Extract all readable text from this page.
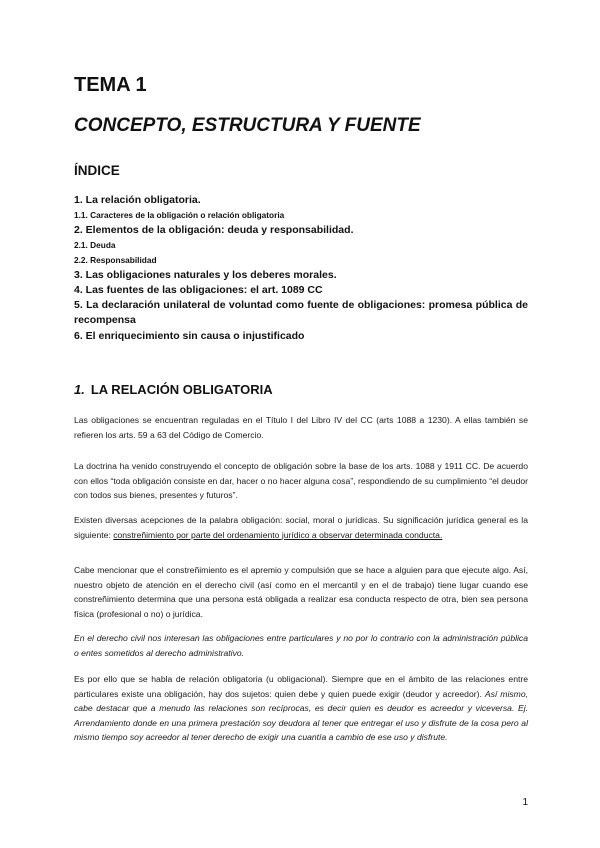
TEMA 1
CONCEPTO, ESTRUCTURA Y FUENTE
ÍNDICE
1. La relación obligatoria.
1.1. Caracteres de la obligación o relación obligatoria
2. Elementos de la obligación: deuda y responsabilidad.
2.1. Deuda
2.2. Responsabilidad
3. Las obligaciones naturales y los deberes morales.
4. Las fuentes de las obligaciones: el art. 1089 CC
5. La declaración unilateral de voluntad como fuente de obligaciones: promesa pública de recompensa
6. El enriquecimiento sin causa o injustificado
1. LA RELACIÓN OBLIGATORIA

Las obligaciones se encuentran reguladas en el Título I del Libro IV del CC (arts 1088 a 1230). A ellas también se refieren los arts. 59 a 63 del Código de Comercio.

La doctrina ha venido construyendo el concepto de obligación sobre la base de los arts. 1088 y 1911 CC. De acuerdo con ellos “toda obligación consiste en dar, hacer o no hacer alguna cosa”, respondiendo de su cumplimiento “el deudor con todos sus bienes, presentes y futuros”.

Existen diversas acepciones de la palabra obligación: social, moral o jurídicas. Su significación jurídica general es la siguiente: constreñimiento por parte del ordenamiento jurídico a observar determinada conducta.

Cabe mencionar que el constreñimiento es el apremio y compulsión que se hace a alguien para que ejecute algo. Así, nuestro objeto de atención en el derecho civil (así como en el mercantil y en el de trabajo) tiene lugar cuando ese constreñimiento determina que una persona está obligada a realizar esa conducta respecto de otra, bien sea persona física (profesional o no) o jurídica.

En el derecho civil nos interesan las obligaciones entre particulares y no por lo contrario con la administración pública o entes sometidos al derecho administrativo.

Es por ello que se habla de relación obligatoria (u obligacional). Siempre que en el ámbito de las relaciones entre particulares existe una obligación, hay dos sujetos: quien debe y quien puede exigir (deudor y acreedor). Así mismo, cabe destacar que a menudo las relaciones son recíprocas, es decir quien es deudor es acreedor y viceversa. Ej. Arrendamiento donde en una primera prestación soy deudora al tener que entregar el uso y disfrute de la cosa pero al mismo tiempo soy acreedor al tener derecho de exigir una cuantía a cambio de ese uso y disfrute.

1
